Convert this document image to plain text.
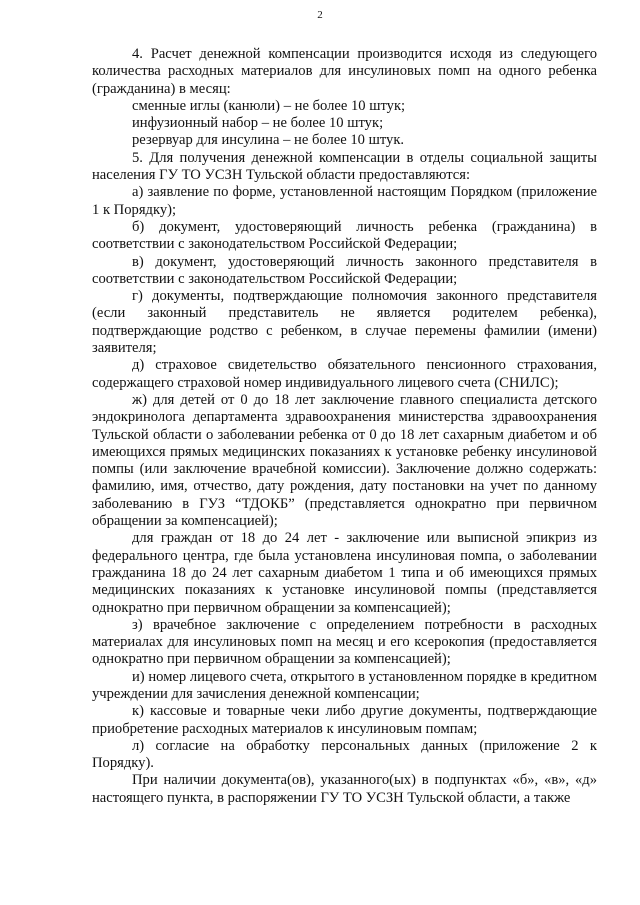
2

4. Расчет денежной компенсации производится исходя из следующего количества расходных материалов для инсулиновых помп на одного ребенка (гражданина) в месяц:

сменные иглы (канюли) – не более 10 штук;

инфузионный набор – не более 10 штук;

резервуар для инсулина – не более 10 штук.

5. Для получения денежной компенсации в отделы социальной защиты населения ГУ ТО УСЗН Тульской области предоставляются:

а) заявление по форме, установленной настоящим Порядком (приложение 1 к Порядку);

б) документ, удостоверяющий личность ребенка (гражданина) в соответствии с законодательством Российской Федерации;

в) документ, удостоверяющий личность законного представителя в соответствии с законодательством Российской Федерации;

г) документы, подтверждающие полномочия законного представителя (если законный представитель не является родителем ребенка), подтверждающие родство с ребенком, в случае перемены фамилии (имени) заявителя;

д) страховое свидетельство обязательного пенсионного страхования, содержащего страховой номер индивидуального лицевого счета (СНИЛС);

ж) для детей от 0 до 18 лет заключение главного специалиста детского эндокринолога департамента здравоохранения министерства здравоохранения Тульской области о заболевании ребенка от 0 до 18 лет сахарным диабетом и об имеющихся прямых медицинских показаниях к установке ребенку инсулиновой помпы (или заключение врачебной комиссии). Заключение должно содержать: фамилию, имя, отчество, дату рождения, дату постановки на учет по данному заболеванию в ГУЗ “ТДОКБ” (представляется однократно при первичном обращении за компенсацией);

для граждан от 18 до 24 лет - заключение или выписной эпикриз из федерального центра, где была установлена инсулиновая помпа, о заболевании гражданина 18 до 24 лет сахарным диабетом 1 типа и об имеющихся прямых медицинских показаниях к установке инсулиновой помпы (представляется однократно при первичном обращении за компенсацией);

з) врачебное заключение с определением потребности в расходных материалах для инсулиновых помп на месяц и его ксерокопия (предоставляется однократно при первичном обращении за компенсацией);

и) номер лицевого счета, открытого в установленном порядке в кредитном учреждении для зачисления денежной компенсации;

к) кассовые и товарные чеки либо другие документы, подтверждающие приобретение расходных материалов к инсулиновым помпам;

л) согласие на обработку персональных данных (приложение 2 к Порядку).

При наличии документа(ов), указанного(ых) в подпунктах «б», «в», «д» настоящего пункта, в распоряжении ГУ ТО УСЗН Тульской области, а также
